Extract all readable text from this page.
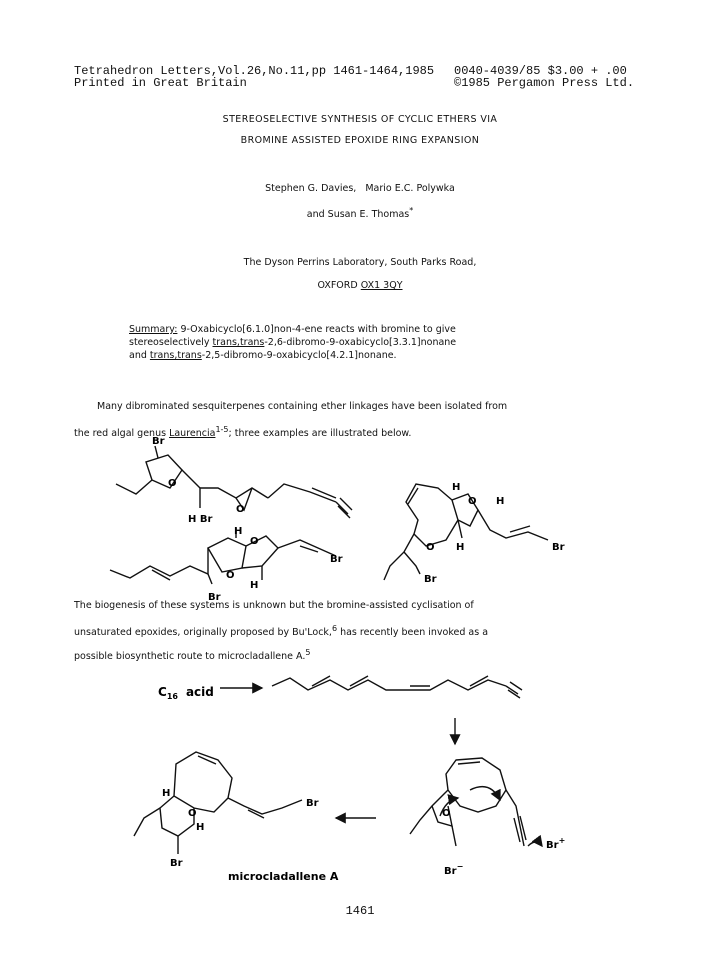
Tetrahedron Letters,Vol.26,No.11,pp 1461-1464,1985
Printed in Great Britain
0040-4039/85 $3.00 + .00
©1985 Pergamon Press Ltd.
STEREOSELECTIVE SYNTHESIS OF CYCLIC ETHERS VIA
BROMINE ASSISTED EPOXIDE RING EXPANSION
Stephen G. Davies,   Mario E.C. Polywka
and Susan E. Thomas*
The Dyson Perrins Laboratory, South Parks Road,
OXFORD OX1 3QY
Summary: 9-Oxabicyclo[6.1.0]non-4-ene reacts with bromine to give
stereoselectively trans,trans-2,6-dibromo-9-oxabicyclo[3.3.1]nonane
and trans,trans-2,5-dibromo-9-oxabicyclo[4.2.1]nonane.
Many dibrominated sesquiterpenes containing ether linkages have been isolated from
the red algal genus Laurencia$^{1-5}$; three examples are illustrated below.
Br
O
O
H Br
H
O
O
H
Br
Br
H
O H
O H	Br
Br
The biogenesis of these systems is unknown but the bromine-assisted cyclisation of
unsaturated epoxides, originally proposed by Bu'Lock,$^6$ has recently been invoked as a
possible biosynthetic route to microcladallene A.$^5$
$C_{16}$ acid
H
O
H
Br
Br
O
Br−
Br+
microcladallene A
1461
